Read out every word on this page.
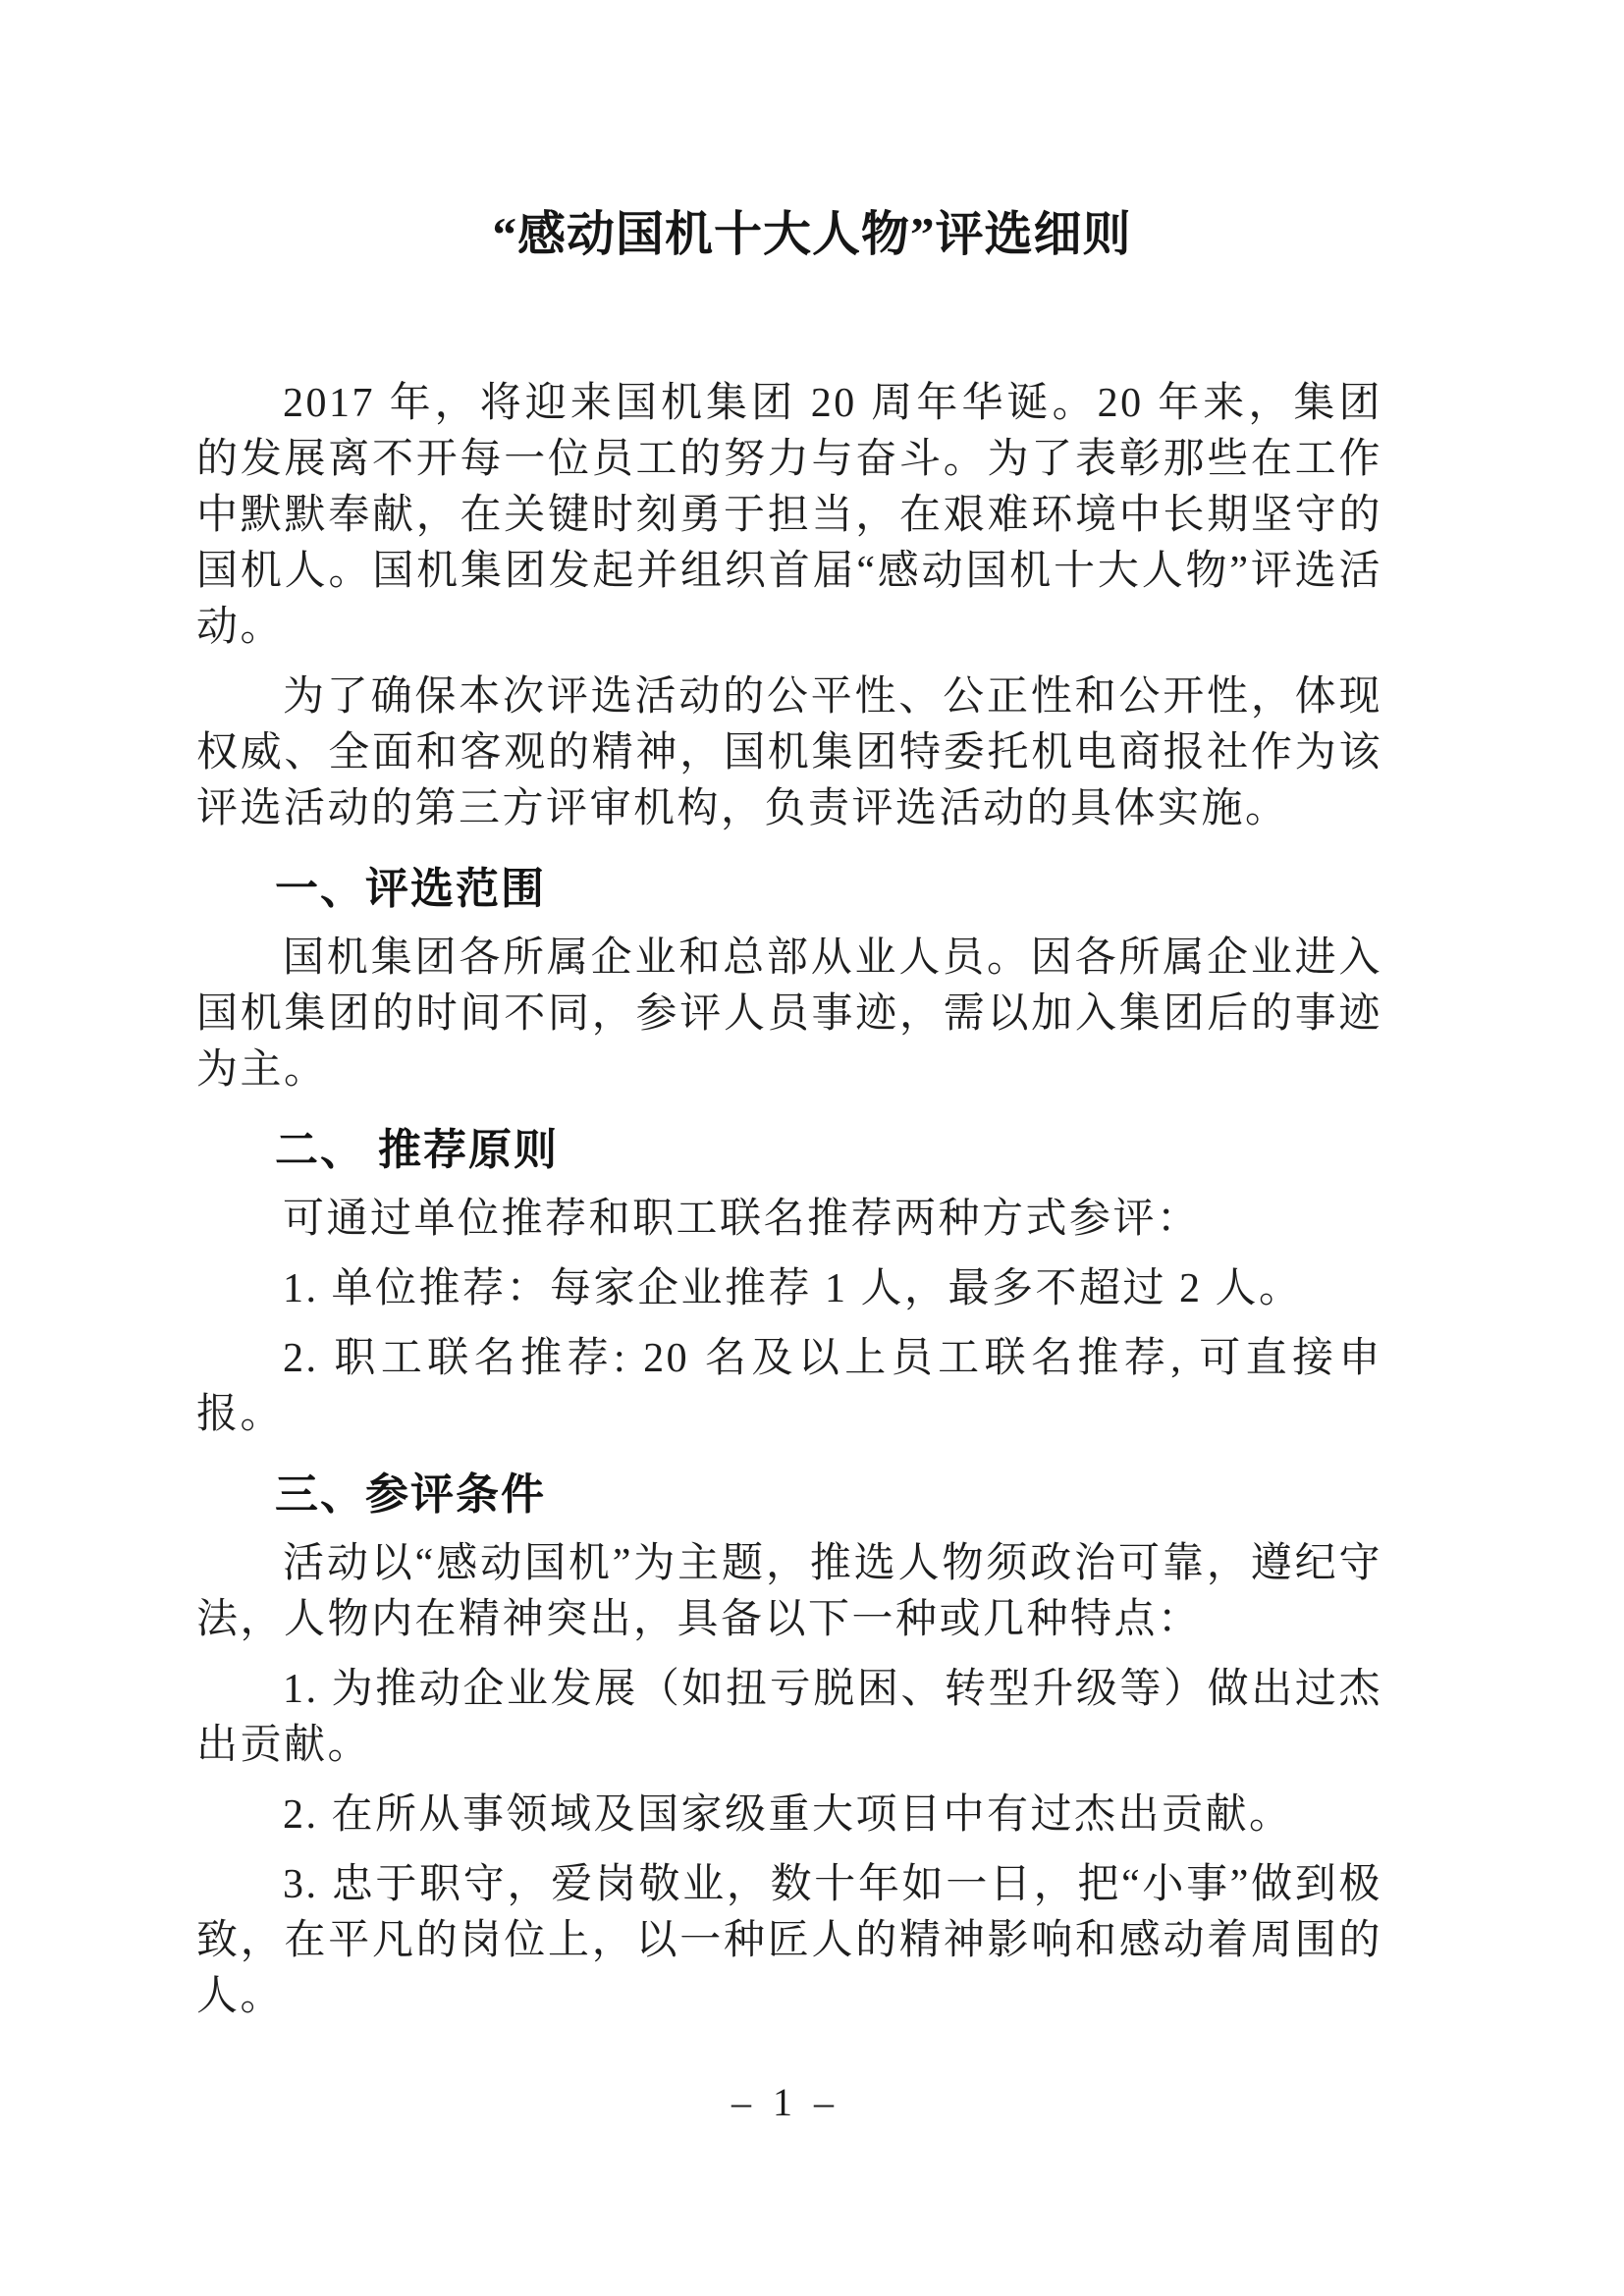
“感动国机十大人物”评选细则

2017 年，将迎来国机集团 20 周年华诞。20 年来，集团的发展离不开每一位员工的努力与奋斗。为了表彰那些在工作中默默奉献，在关键时刻勇于担当，在艰难环境中长期坚守的国机人。国机集团发起并组织首届“感动国机十大人物”评选活动。

为了确保本次评选活动的公平性、公正性和公开性，体现权威、全面和客观的精神，国机集团特委托机电商报社作为该评选活动的第三方评审机构，负责评选活动的具体实施。

一、评选范围

国机集团各所属企业和总部从业人员。因各所属企业进入国机集团的时间不同，参评人员事迹，需以加入集团后的事迹为主。

二、 推荐原则

可通过单位推荐和职工联名推荐两种方式参评：

1. 单位推荐：每家企业推荐 1 人，最多不超过 2 人。

2. 职工联名推荐: 20 名及以上员工联名推荐, 可直接申报。

三、参评条件

活动以“感动国机”为主题，推选人物须政治可靠，遵纪守法，人物内在精神突出，具备以下一种或几种特点：

1. 为推动企业发展（如扭亏脱困、转型升级等）做出过杰出贡献。

2. 在所从事领域及国家级重大项目中有过杰出贡献。

3. 忠于职守，爱岗敬业，数十年如一日，把“小事”做到极致，在平凡的岗位上，以一种匠人的精神影响和感动着周围的人。

– 1 –
